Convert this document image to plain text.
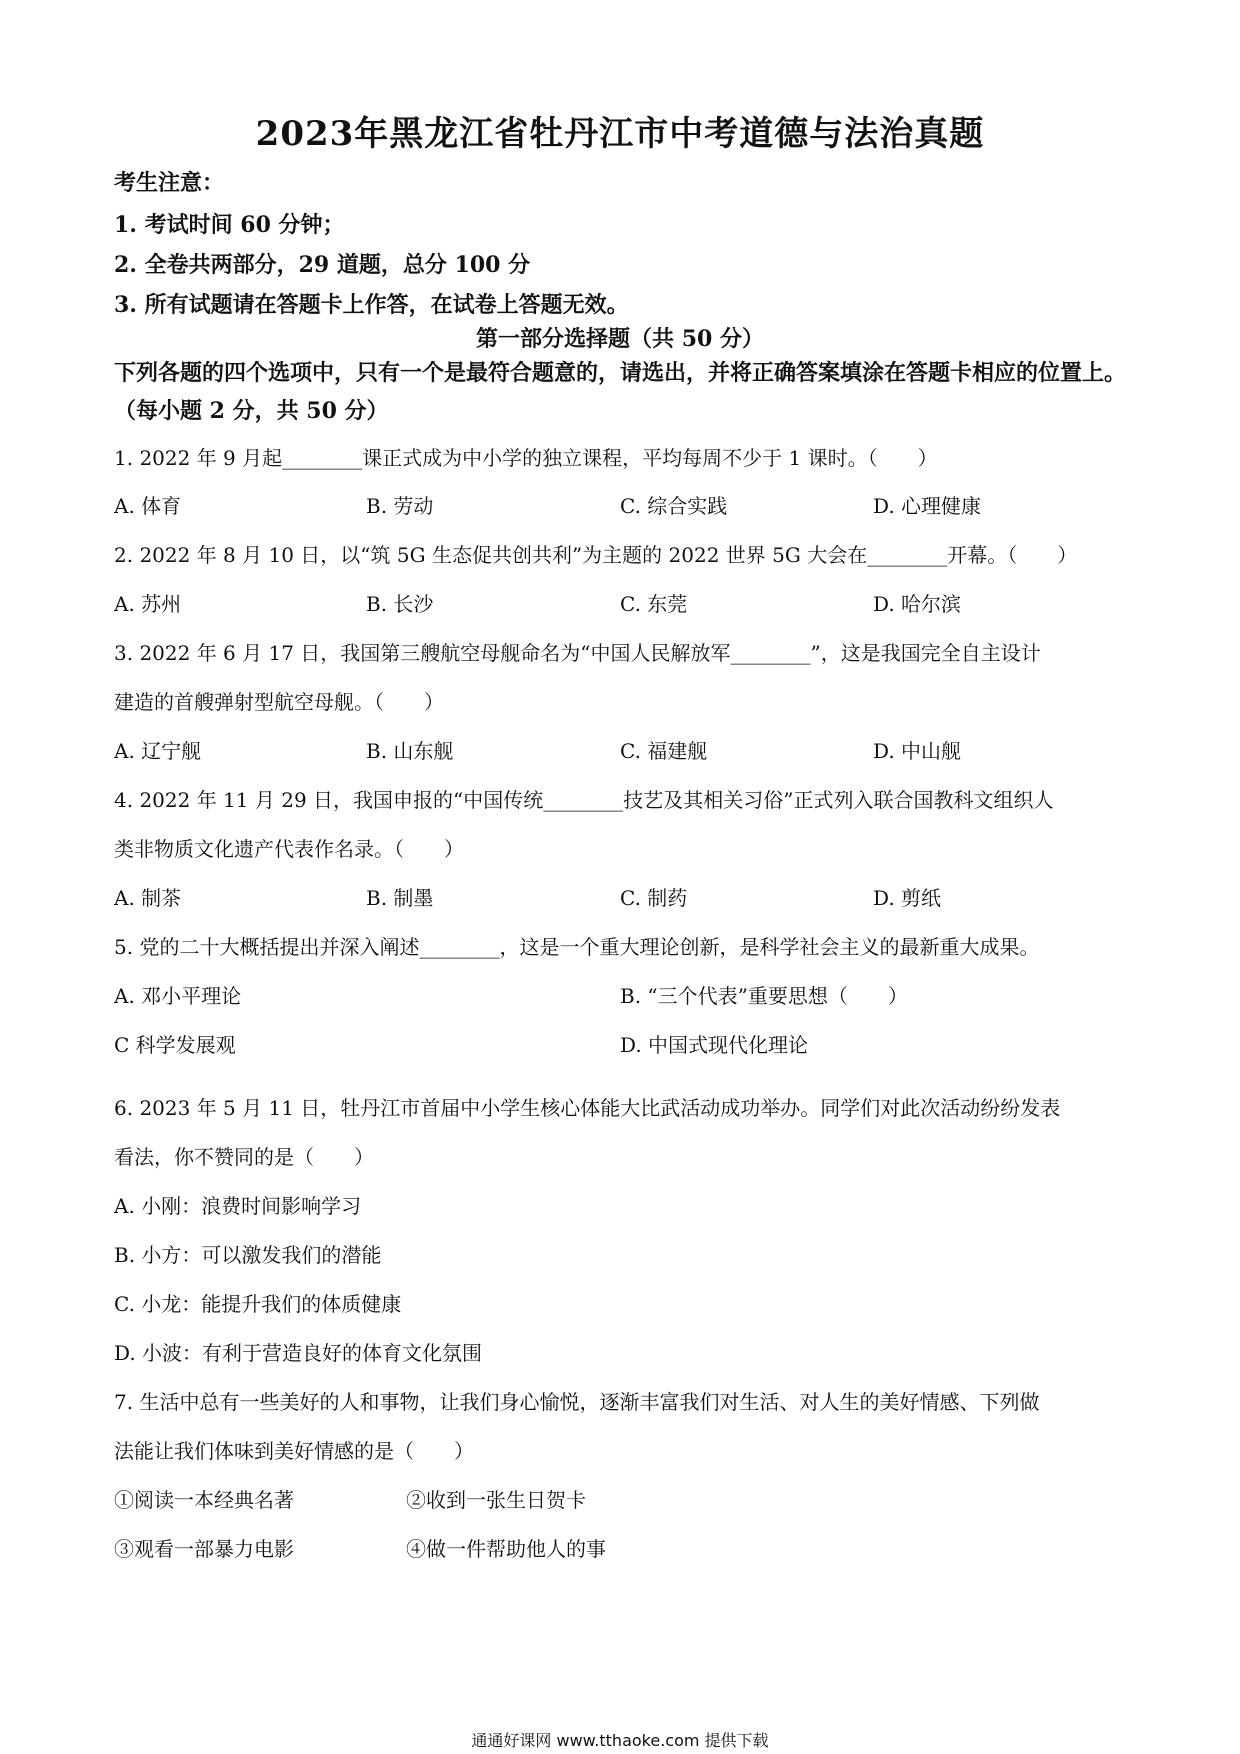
2023年黑龙江省牡丹江市中考道德与法治真题
考生注意：
1. 考试时间 60 分钟；
2. 全卷共两部分，29 道题，总分 100 分
3. 所有试题请在答题卡上作答，在试卷上答题无效。
第一部分选择题（共 50 分）
下列各题的四个选项中，只有一个是最符合题意的，请选出，并将正确答案填涂在答题卡相应的位置上。（每小题 2 分，共 50 分）
1. 2022 年 9 月起________课正式成为中小学的独立课程，平均每周不少于 1 课时。（　　）
A. 体育	B. 劳动	C. 综合实践	D. 心理健康
2. 2022 年 8 月 10 日，以“筑 5G 生态促共创共利”为主题的 2022 世界 5G 大会在________开幕。（　　）
A. 苏州	B. 长沙	C. 东莞	D. 哈尔滨
3. 2022 年 6 月 17 日，我国第三艘航空母舰命名为“中国人民解放军________”，这是我国完全自主设计
建造的首艘弹射型航空母舰。（　　）
A. 辽宁舰	B. 山东舰	C. 福建舰	D. 中山舰
4. 2022 年 11 月 29 日，我国申报的“中国传统________技艺及其相关习俗”正式列入联合国教科文组织人
类非物质文化遗产代表作名录。（　　）
A. 制茶	B. 制墨	C. 制药	D. 剪纸
5. 党的二十大概括提出并深入阐述________，这是一个重大理论创新，是科学社会主义的最新重大成果。
A. 邓小平理论	B. “三个代表”重要思想（　　）
C 科学发展观	D. 中国式现代化理论
6. 2023 年 5 月 11 日，牡丹江市首届中小学生核心体能大比武活动成功举办。同学们对此次活动纷纷发表
看法，你不赞同的是（　　）
A. 小刚：浪费时间影响学习
B. 小方：可以激发我们的潜能
C. 小龙：能提升我们的体质健康
D. 小波：有利于营造良好的体育文化氛围
7. 生活中总有一些美好的人和事物，让我们身心愉悦，逐渐丰富我们对生活、对人生的美好情感、下列做
法能让我们体味到美好情感的是（　　）
①阅读一本经典名著	②收到一张生日贺卡
③观看一部暴力电影	④做一件帮助他人的事
通通好课网 www.tthaoke.com 提供下载
